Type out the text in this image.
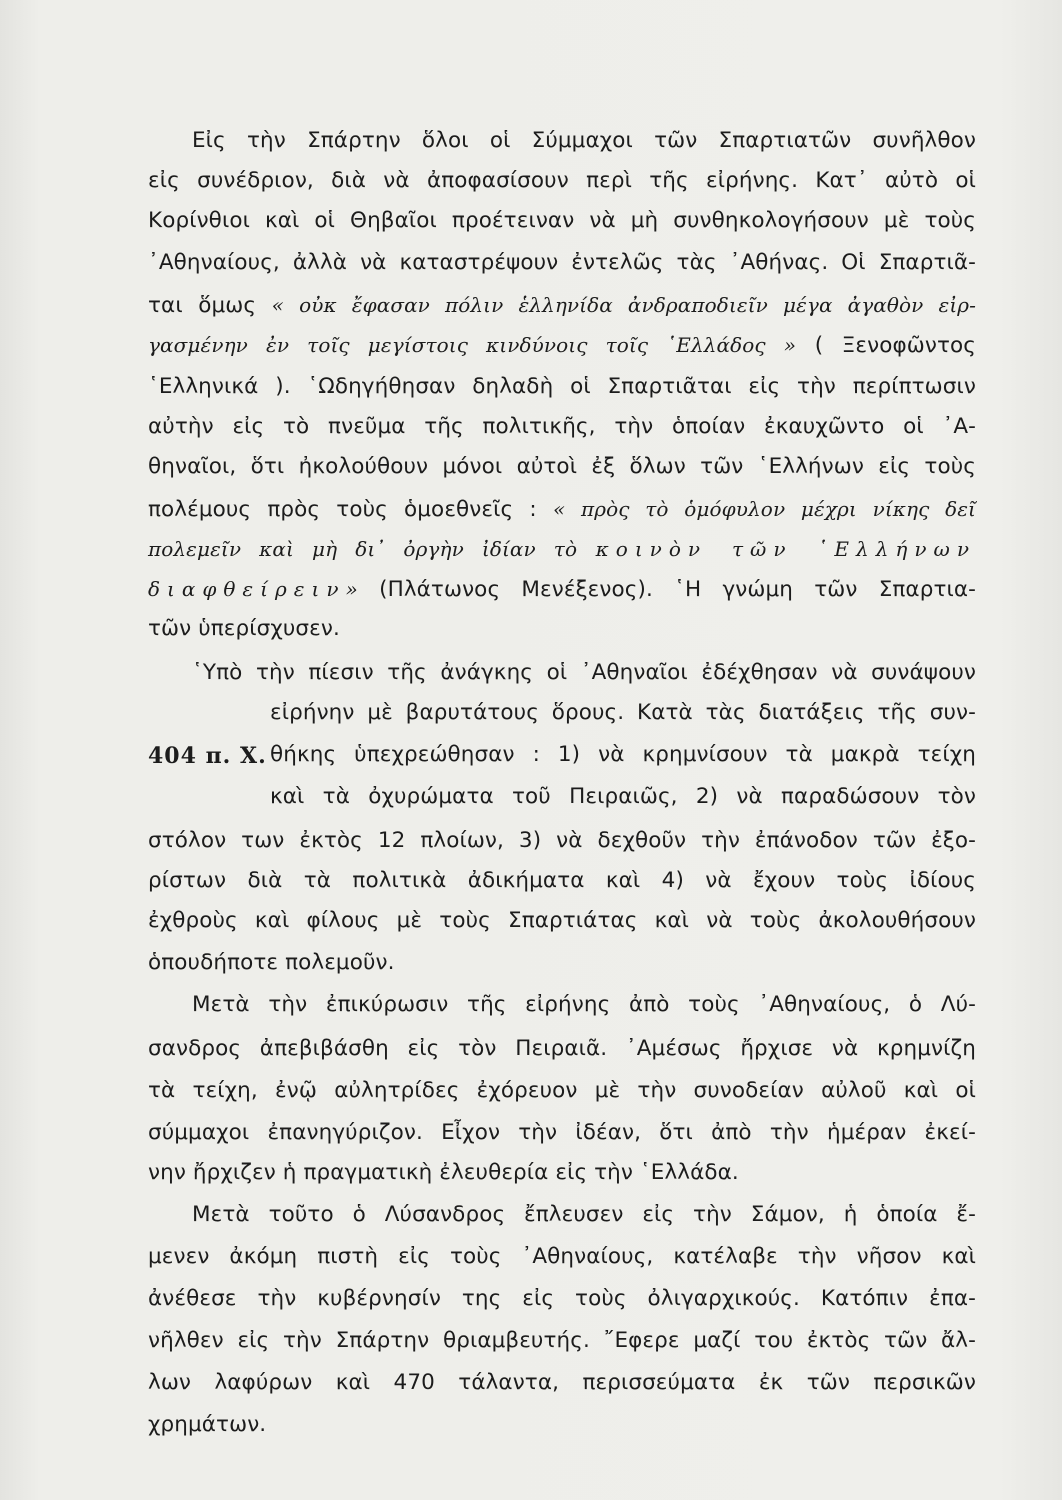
Εἰς τὴν Σπάρτην ὅλοι οἱ Σύμμαχοι τῶν Σπαρτιατῶν συνῆλθον
εἰς συνέδριον, διὰ νὰ ἀποφασίσουν περὶ τῆς εἰρήνης. Κατ᾽ αὐτὸ οἱ
Κορίνθιοι καὶ οἱ Θηβαῖοι προέτειναν νὰ μὴ συνθηκολογήσουν μὲ τοὺς
᾽Αθηναίους, ἀλλὰ νὰ καταστρέψουν ἐντελῶς τὰς ᾽Αθήνας. Οἱ Σπαρτιᾶ-
ται ὅμως « οὐκ ἔφασαν πόλιν ἑλληνίδα ἀνδραποδιεῖν μέγα ἀγαθὸν εἰρ-
γασμένην ἐν τοῖς μεγίστοις κινδύνοις τοῖς ῾Ελλάδος » ( Ξενοφῶντος
῾Ελληνικά ). ῾Ωδηγήθησαν δηλαδὴ οἱ Σπαρτιᾶται εἰς τὴν περίπτωσιν
αὐτὴν εἰς τὸ πνεῦμα τῆς πολιτικῆς, τὴν ὁποίαν ἐκαυχῶντο οἱ ᾽Α-
θηναῖοι, ὅτι ἠκολούθουν μόνοι αὐτοὶ ἐξ ὅλων τῶν ῾Ελλήνων εἰς τοὺς
πολέμους πρὸς τοὺς ὁμοεθνεῖς : « πρὸς τὸ ὁμόφυλον μέχρι νίκης δεῖ
πολεμεῖν καὶ μὴ δι᾽ ὀργὴν ἰδίαν τὸ κοινὸν τῶν ῾Ελλήνων
διαφθείρειν» (Πλάτωνος Μενέξενος). ῾Η γνώμη τῶν Σπαρτια-
τῶν ὑπερίσχυσεν.
῾Υπὸ τὴν πίεσιν τῆς ἀνάγκης οἱ ᾽Αθηναῖοι ἐδέχθησαν νὰ συνάψουν
εἰρήνην μὲ βαρυτάτους ὅρους. Κατὰ τὰς διατάξεις τῆς συν-
404 π. Χ. θήκης ὑπεχρεώθησαν : 1) νὰ κρημνίσουν τὰ μακρὰ τείχη
καὶ τὰ ὀχυρώματα τοῦ Πειραιῶς, 2) νὰ παραδώσουν τὸν
στόλον των ἐκτὸς 12 πλοίων, 3) νὰ δεχθοῦν τὴν ἐπάνοδον τῶν ἐξο-
ρίστων διὰ τὰ πολιτικὰ ἀδικήματα καὶ 4) νὰ ἔχουν τοὺς ἰδίους
ἐχθροὺς καὶ φίλους μὲ τοὺς Σπαρτιάτας καὶ νὰ τοὺς ἀκολουθήσουν
ὁπουδήποτε πολεμοῦν.
Μετὰ τὴν ἐπικύρωσιν τῆς εἰρήνης ἀπὸ τοὺς ᾽Αθηναίους, ὁ Λύ-
σανδρος ἀπεβιβάσθη εἰς τὸν Πειραιᾶ. ᾽Αμέσως ἤρχισε νὰ κρημνίζη
τὰ τείχη, ἐνῷ αὐλητρίδες ἐχόρευον μὲ τὴν συνοδείαν αὐλοῦ καὶ οἱ
σύμμαχοι ἐπανηγύριζον. Εἶχον τὴν ἰδέαν, ὅτι ἀπὸ τὴν ἡμέραν ἐκεί-
νην ἤρχιζεν ἡ πραγματικὴ ἐλευθερία εἰς τὴν ῾Ελλάδα.
Μετὰ τοῦτο ὁ Λύσανδρος ἔπλευσεν εἰς τὴν Σάμον, ἡ ὁποία ἔ-
μενεν ἀκόμη πιστὴ εἰς τοὺς ᾽Αθηναίους, κατέλαβε τὴν νῆσον καὶ
ἀνέθεσε τὴν κυβέρνησίν της εἰς τοὺς ὀλιγαρχικούς. Κατόπιν ἐπα-
νῆλθεν εἰς τὴν Σπάρτην θριαμβευτής. ῎Εφερε μαζί του ἐκτὸς τῶν ἄλ-
λων λαφύρων καὶ 470 τάλαντα, περισσεύματα ἐκ τῶν περσικῶν
χρημάτων.
